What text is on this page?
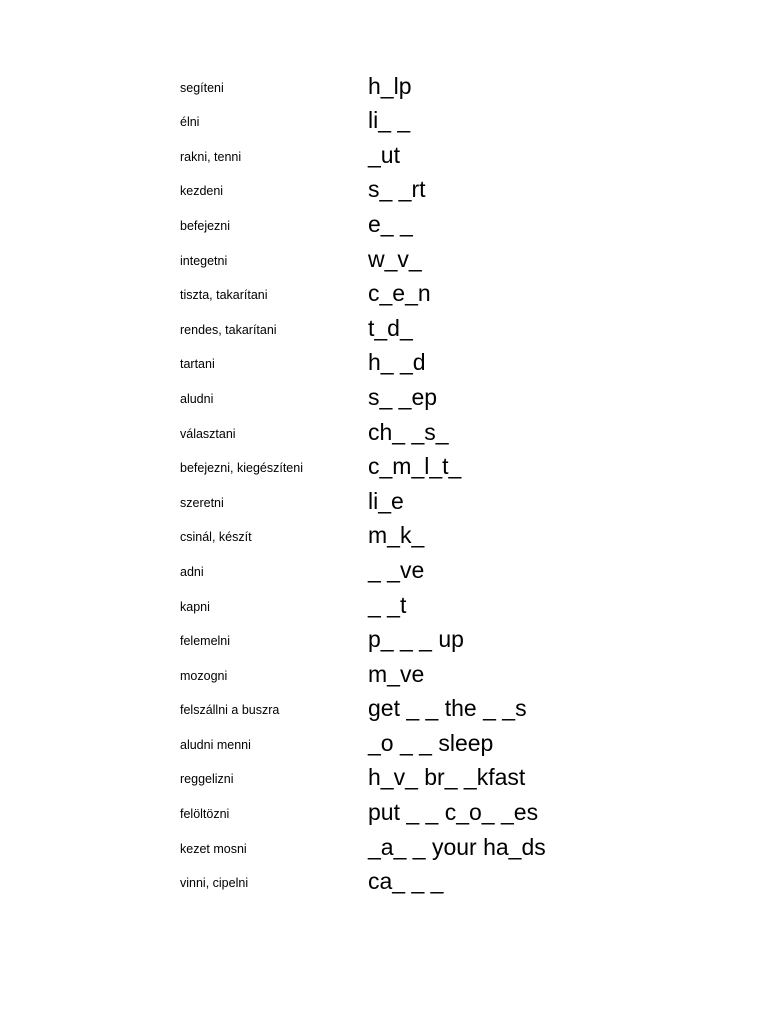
segíteni	h_lp
élni	li_ _
rakni, tenni	_ut
kezdeni	s_ _rt
befejezni	e_ _
integetni	w_v_
tiszta, takarítani	c_e_n
rendes, takarítani	t_d_
tartani	h_ _d
aludni	s_ _ep
választani	ch_ _s_
befejezni, kiegészíteni	c_m_l_t_
szeretni	li_e
csinál, készít	m_k_
adni	_ _ve
kapni	_ _t
felemelni	p_ _ _ up
mozogni	m_ve
felszállni a buszra	get _ _ the _ _s
aludni menni	_o _ _ sleep
reggelizni	h_v_ br_ _kfast
felöltözni	put _ _ c_o_ _es
kezet mosni	_a_ _ your ha_ds
vinni, cipelni	ca_ _ _
